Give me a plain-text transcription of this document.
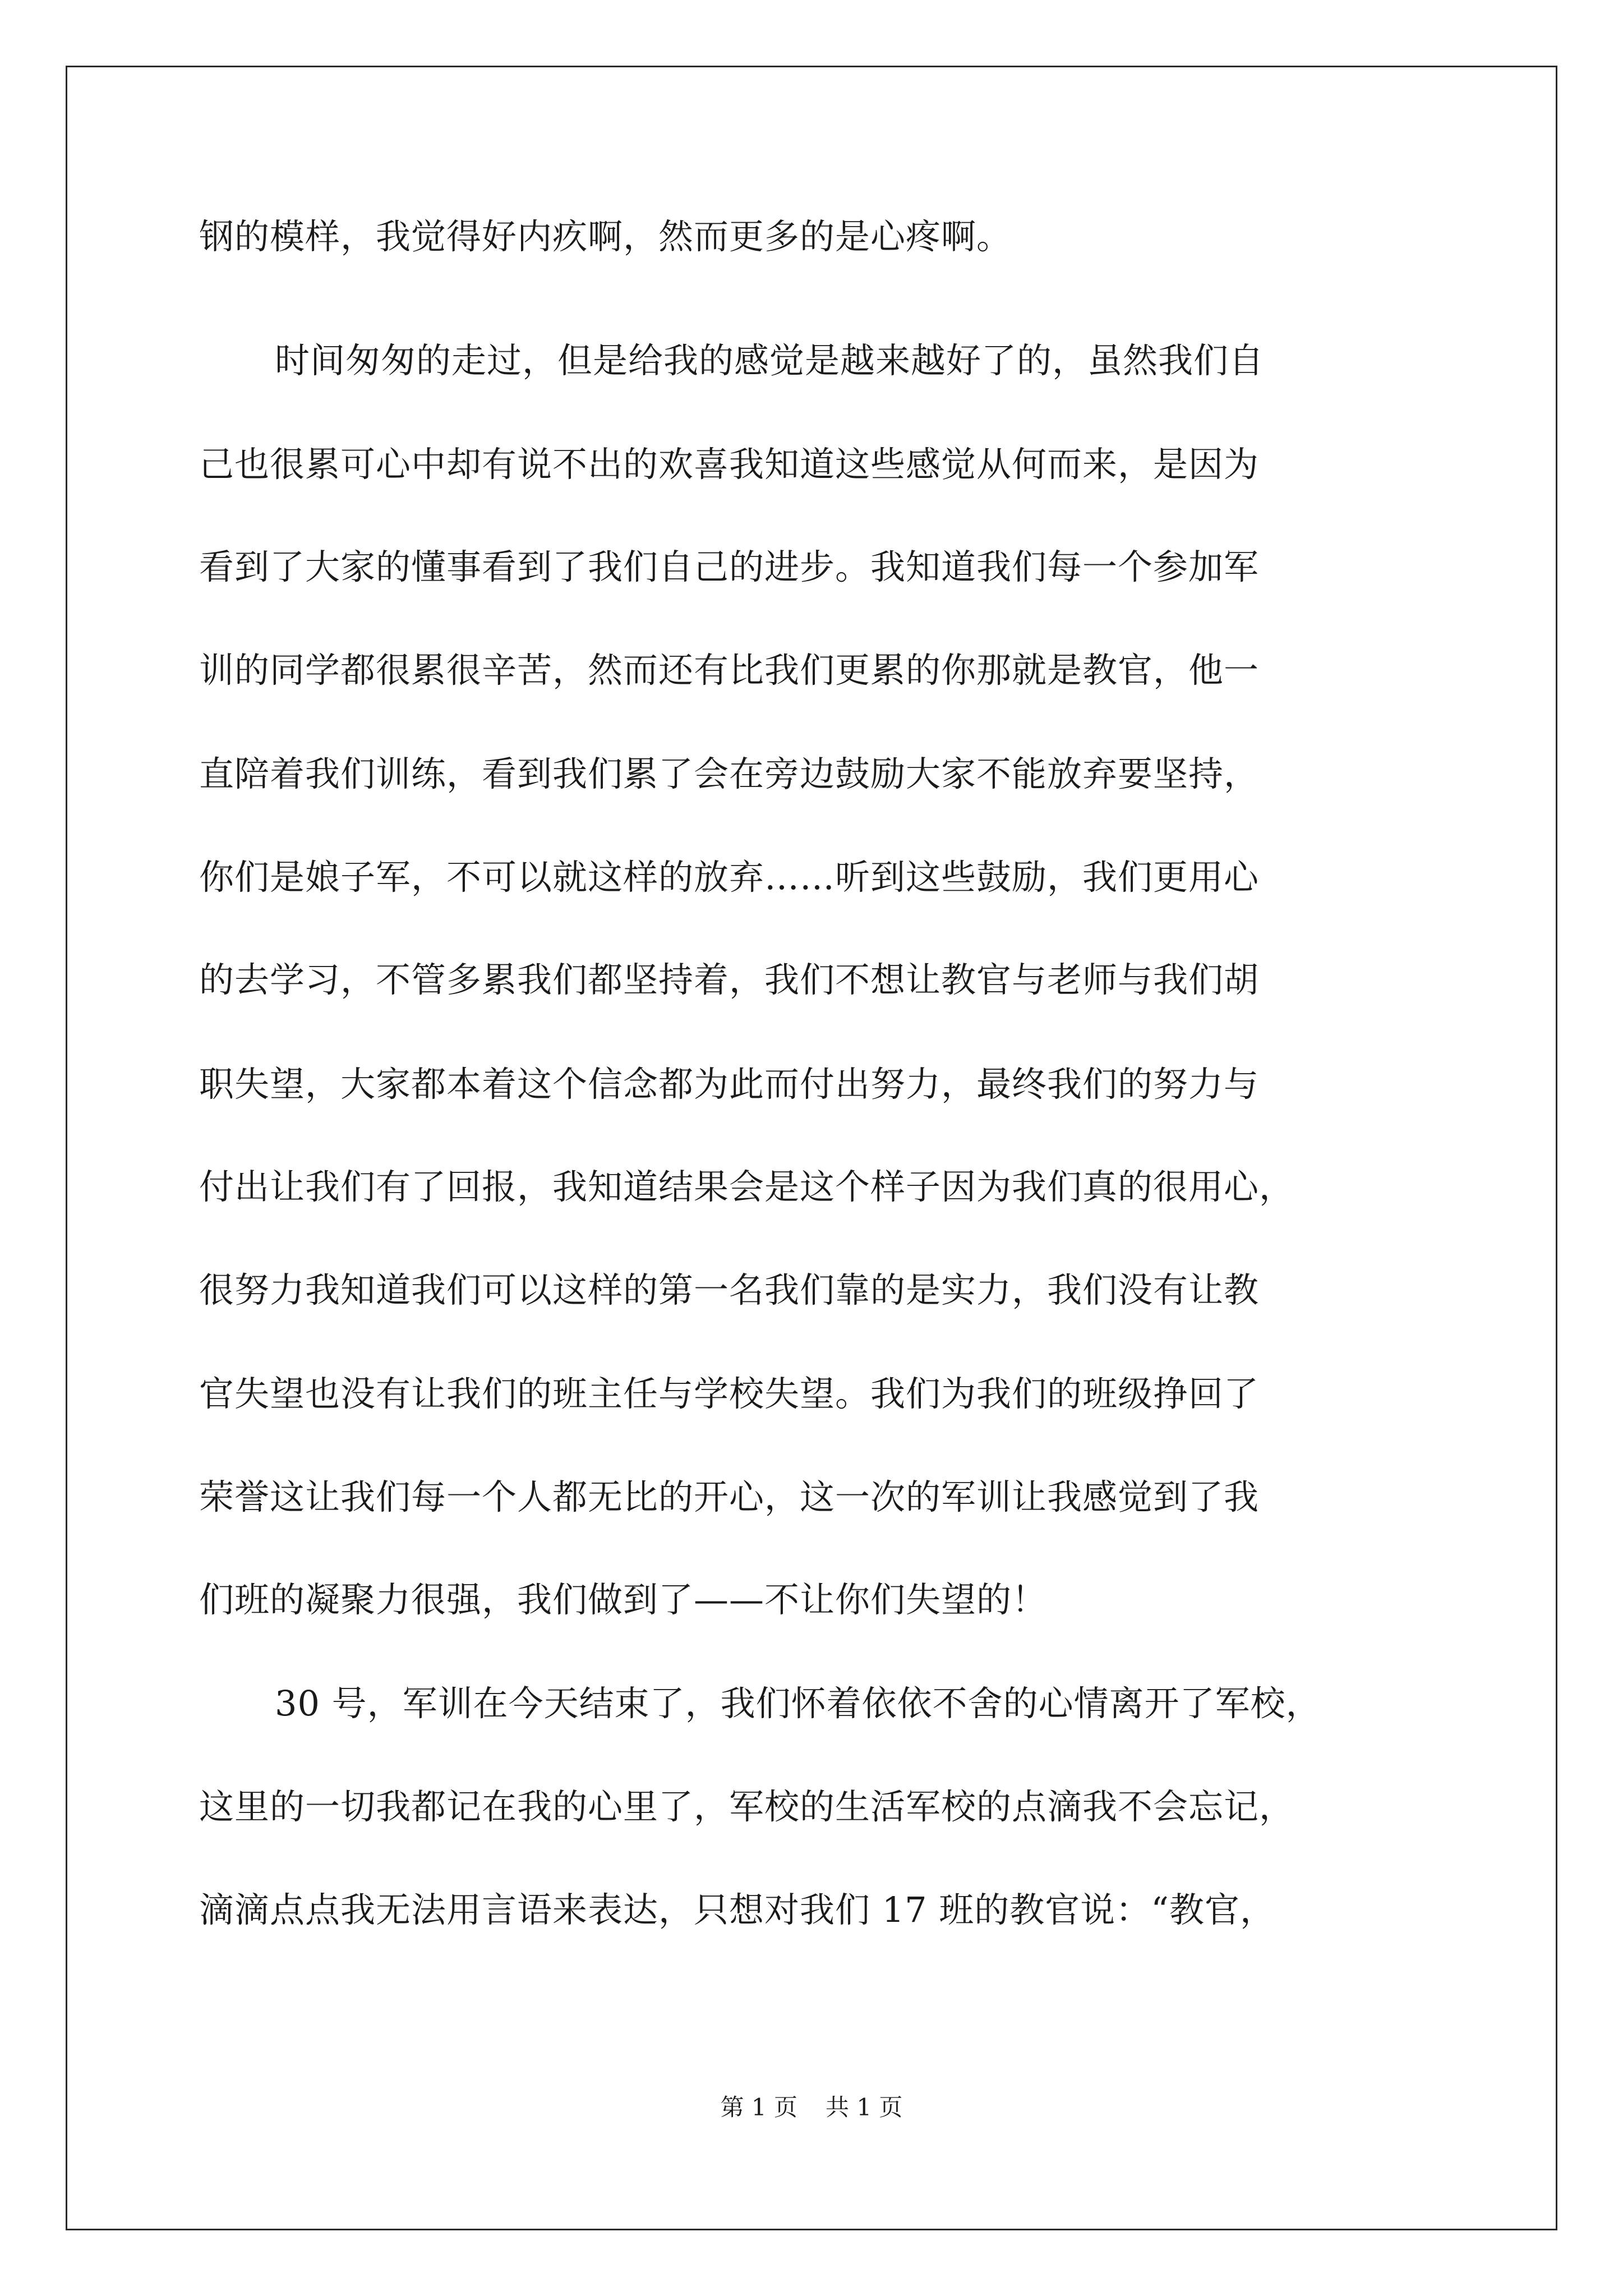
钢的模样，我觉得好内疚啊，然而更多的是心疼啊。
时间匆匆的走过，但是给我的感觉是越来越好了的，虽然我们自
己也很累可心中却有说不出的欢喜我知道这些感觉从何而来，是因为
看到了大家的懂事看到了我们自己的进步。我知道我们每一个参加军
训的同学都很累很辛苦，然而还有比我们更累的你那就是教官，他一
直陪着我们训练，看到我们累了会在旁边鼓励大家不能放弃要坚持，
你们是娘子军，不可以就这样的放弃……听到这些鼓励，我们更用心
的去学习，不管多累我们都坚持着，我们不想让教官与老师与我们胡
职失望，大家都本着这个信念都为此而付出努力，最终我们的努力与
付出让我们有了回报，我知道结果会是这个样子因为我们真的很用心，
很努力我知道我们可以这样的第一名我们靠的是实力，我们没有让教
官失望也没有让我们的班主任与学校失望。我们为我们的班级挣回了
荣誉这让我们每一个人都无比的开心，这一次的军训让我感觉到了我
们班的凝聚力很强，我们做到了——不让你们失望的！
30 号，军训在今天结束了，我们怀着依依不舍的心情离开了军校，
这里的一切我都记在我的心里了，军校的生活军校的点滴我不会忘记，
滴滴点点我无法用言语来表达，只想对我们 17 班的教官说：“教官，
第 1 页 共 1 页
